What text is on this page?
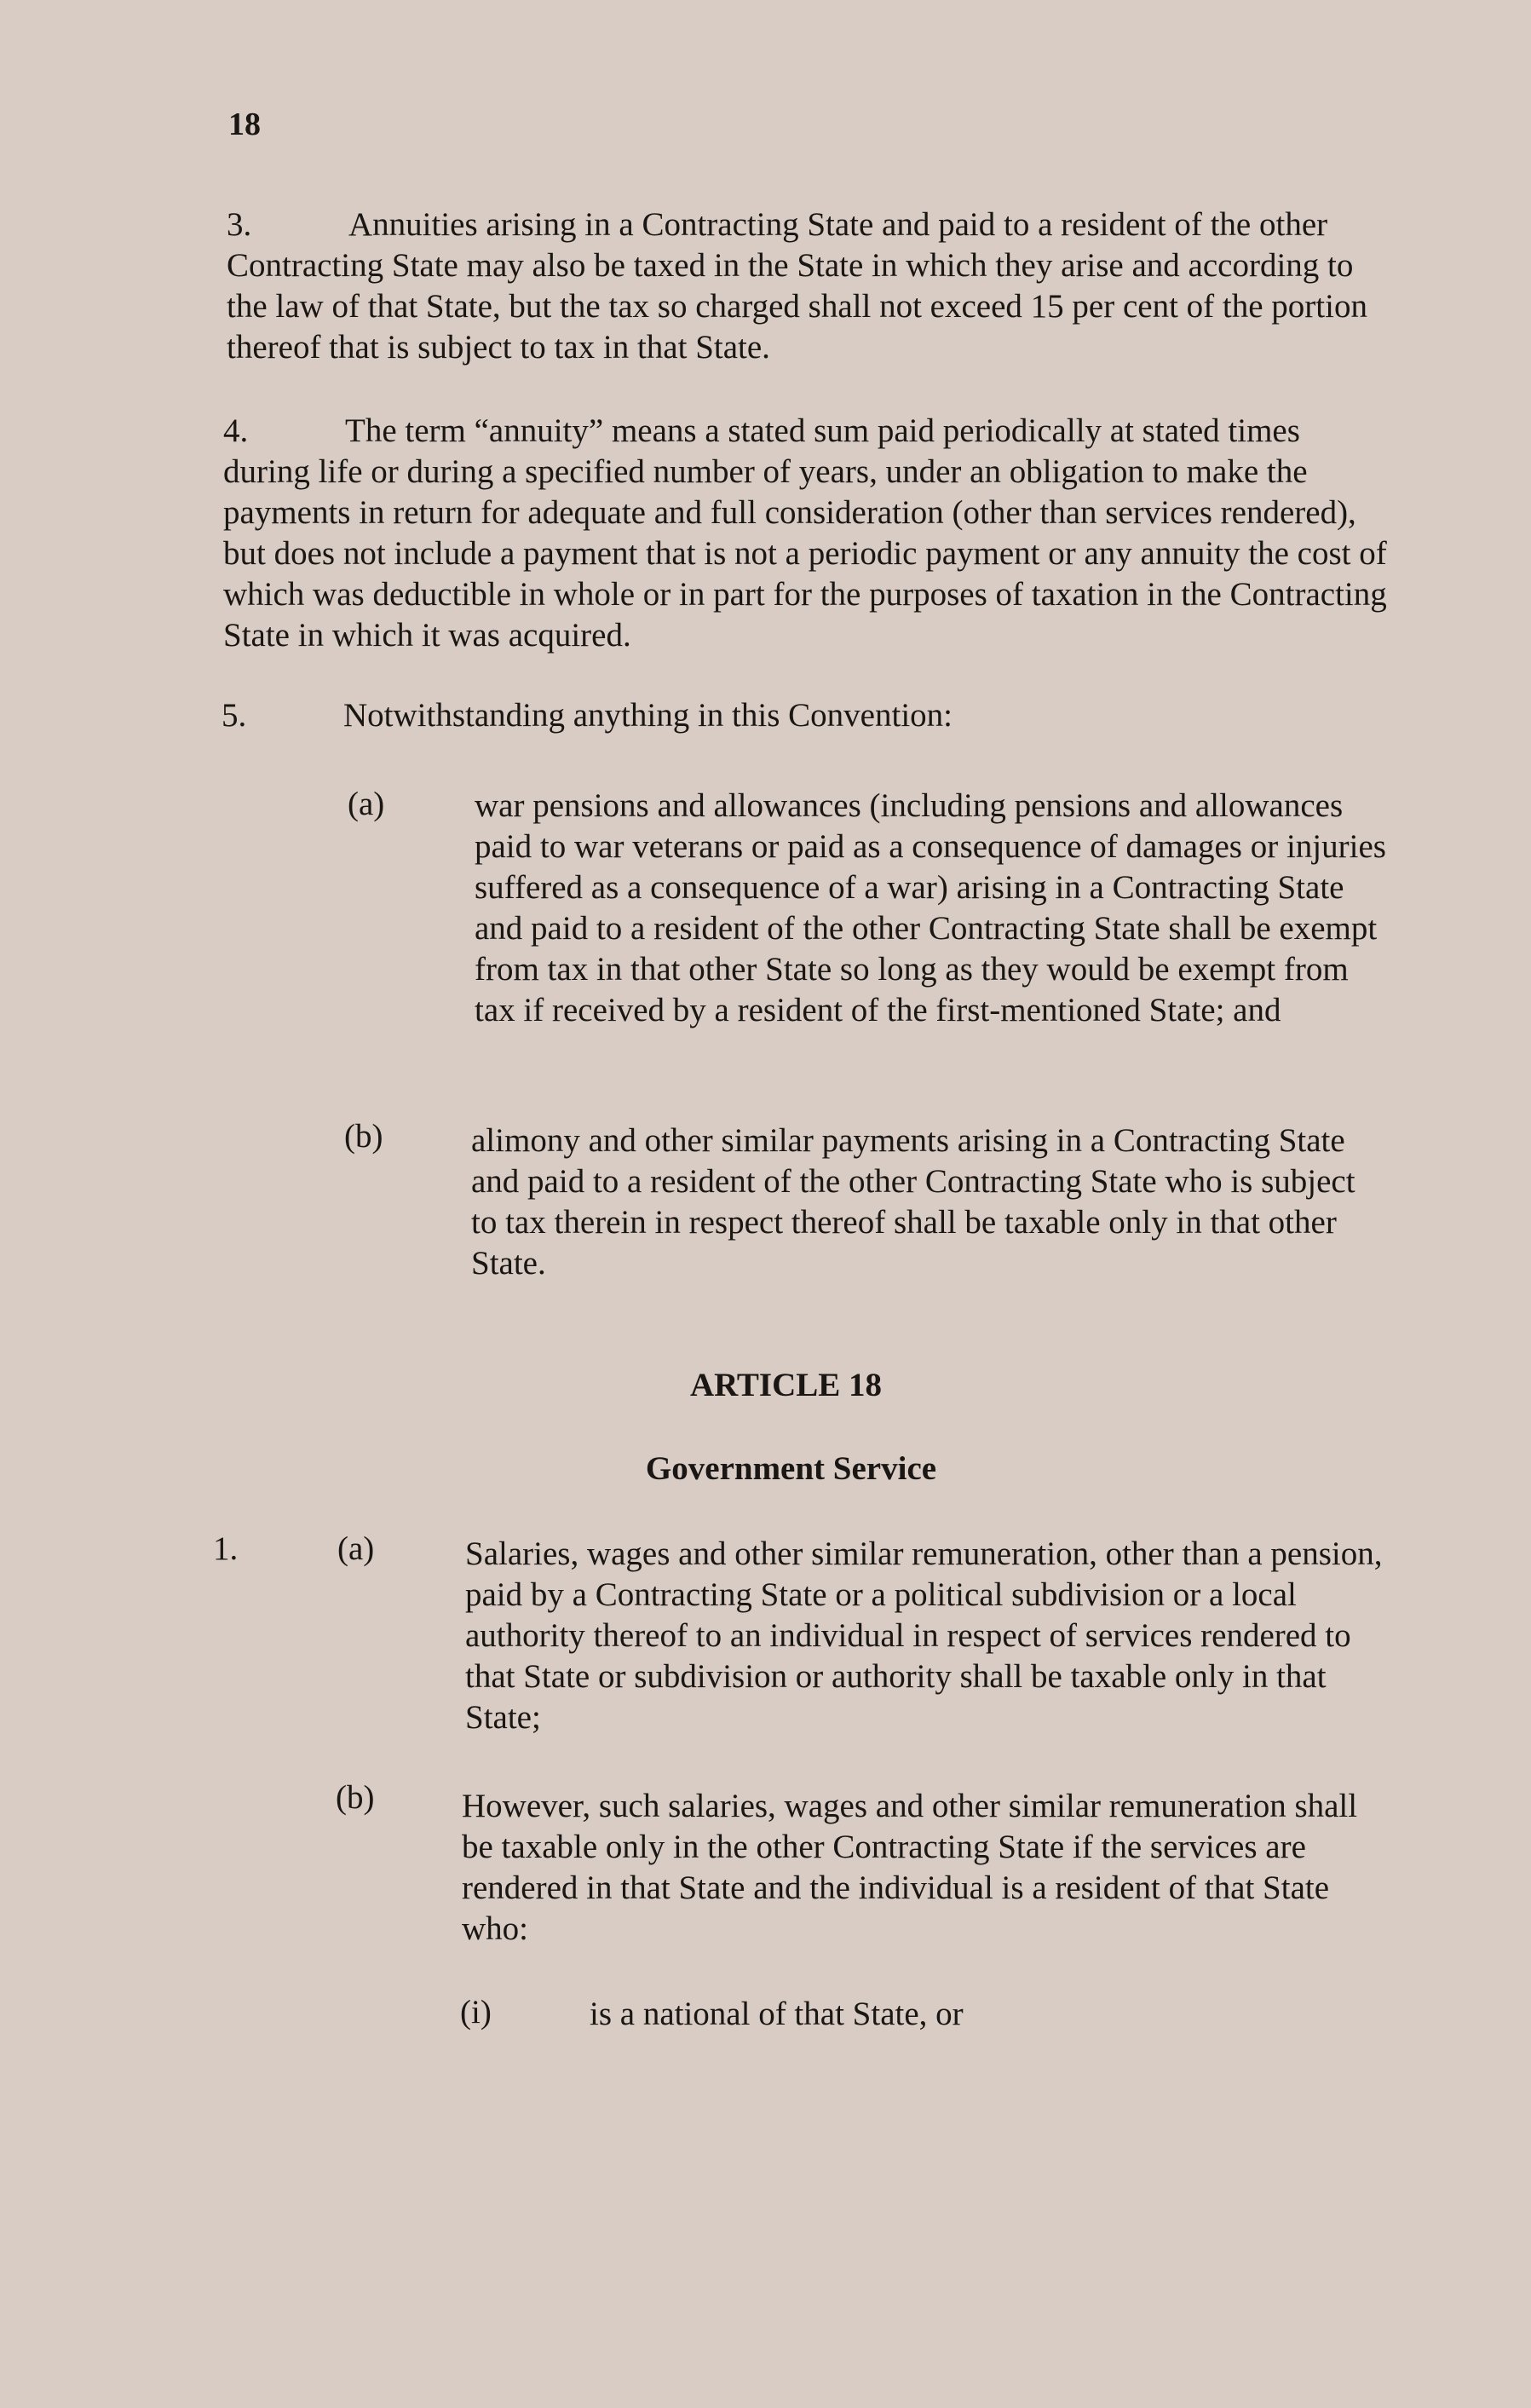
18

3.	Annuities arising in a Contracting State and paid to a resident of the other Contracting State may also be taxed in the State in which they arise and according to the law of that State, but the tax so charged shall not exceed 15 per cent of the portion thereof that is subject to tax in that State.

4.	The term “annuity” means a stated sum paid periodically at stated times during life or during a specified number of years, under an obligation to make the payments in return for adequate and full consideration (other than services rendered), but does not include a payment that is not a periodic payment or any annuity the cost of which was deductible in whole or in part for the purposes of taxation in the Contracting State in which it was acquired.

5.	Notwithstanding anything in this Convention:

(a)	war pensions and allowances (including pensions and allowances paid to war veterans or paid as a consequence of damages or injuries suffered as a consequence of a war) arising in a Contracting State and paid to a resident of the other Contracting State shall be exempt from tax in that other State so long as they would be exempt from tax if received by a resident of the first-mentioned State; and

(b)	alimony and other similar payments arising in a Contracting State and paid to a resident of the other Contracting State who is subject to tax therein in respect thereof shall be taxable only in that other State.

ARTICLE 18
Government Service
1.	(a)	Salaries, wages and other similar remuneration, other than a pension, paid by a Contracting State or a political subdivision or a local authority thereof to an individual in respect of services rendered to that State or subdivision or authority shall be taxable only in that State;

(b)	However, such salaries, wages and other similar remuneration shall be taxable only in the other Contracting State if the services are rendered in that State and the individual is a resident of that State who:

(i)	is a national of that State, or
